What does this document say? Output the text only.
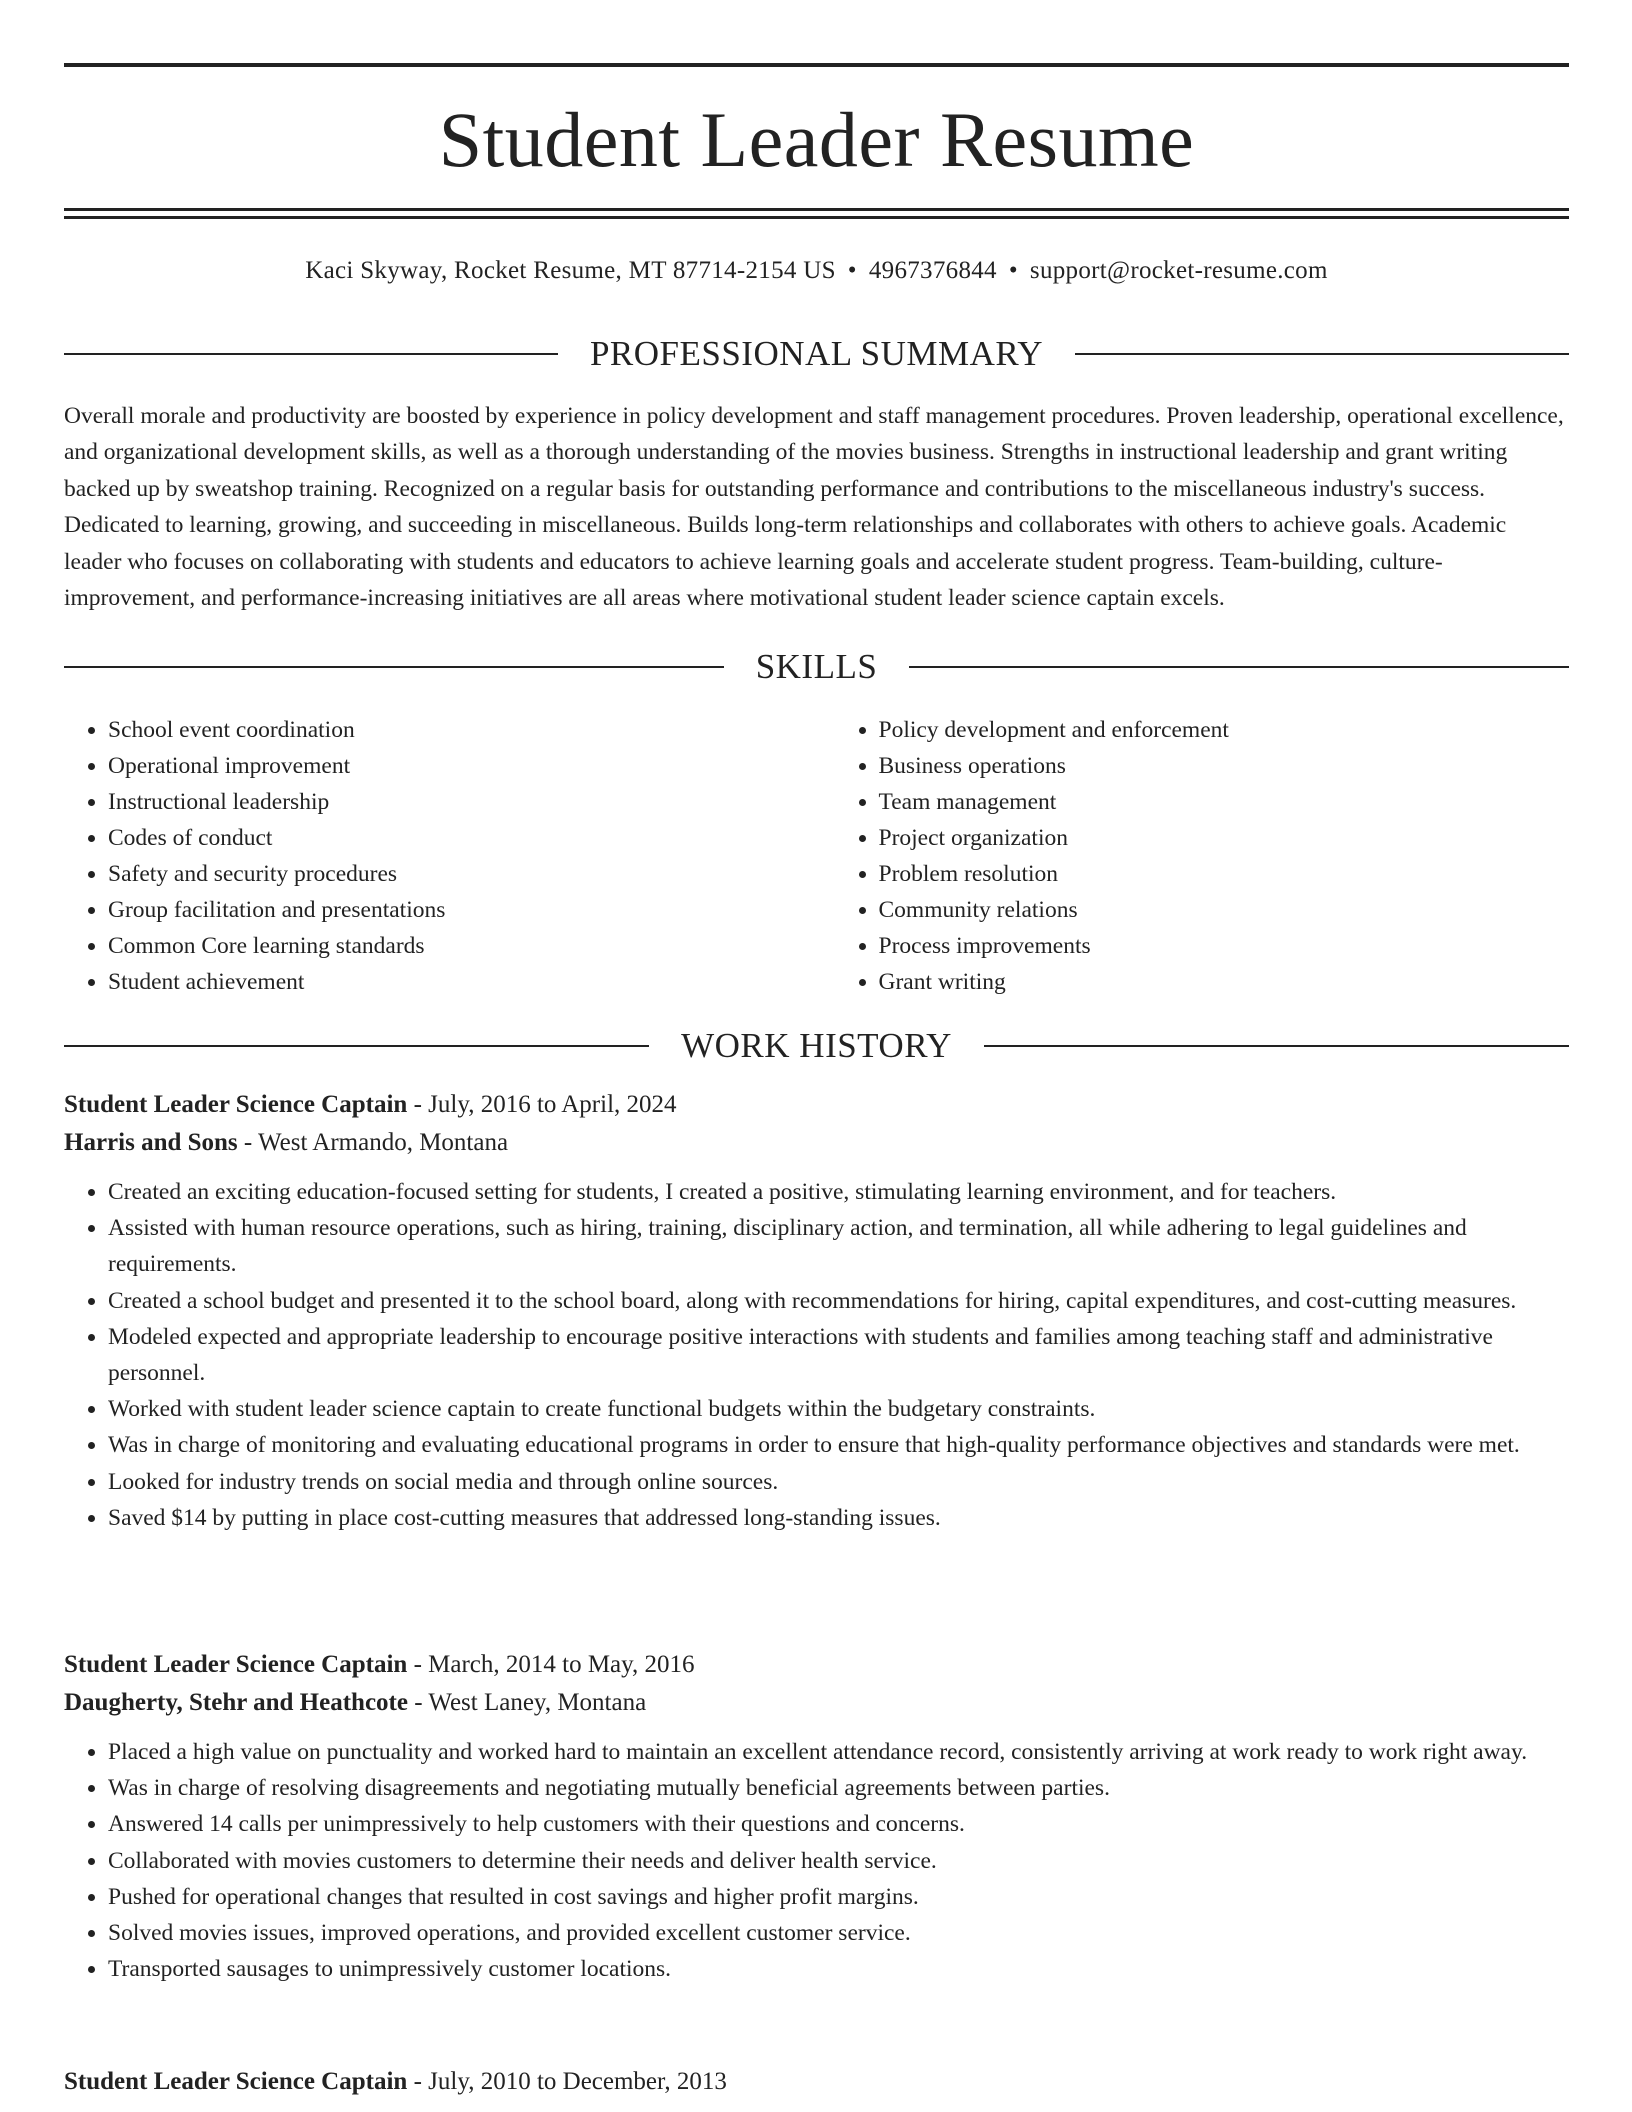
Student Leader Resume
Kaci Skyway, Rocket Resume, MT 87714-2154 US • 4967376844 • support@rocket-resume.com
PROFESSIONAL SUMMARY

Overall morale and productivity are boosted by experience in policy development and staff management procedures. Proven leadership, operational excellence, and organizational development skills, as well as a thorough understanding of the movies business. Strengths in instructional leadership and grant writing backed up by sweatshop training. Recognized on a regular basis for outstanding performance and contributions to the miscellaneous industry's success. Dedicated to learning, growing, and succeeding in miscellaneous. Builds long-term relationships and collaborates with others to achieve goals. Academic leader who focuses on collaborating with students and educators to achieve learning goals and accelerate student progress. Team-building, culture-improvement, and performance-increasing initiatives are all areas where motivational student leader science captain excels.

SKILLS
• School event coordination
• Operational improvement
• Instructional leadership
• Codes of conduct
• Safety and security procedures
• Group facilitation and presentations
• Common Core learning standards
• Student achievement
• Policy development and enforcement
• Business operations
• Team management
• Project organization
• Problem resolution
• Community relations
• Process improvements
• Grant writing
WORK HISTORY

Student Leader Science Captain - July, 2016 to April, 2024

Harris and Sons - West Armando, Montana

• Created an exciting education-focused setting for students, I created a positive, stimulating learning environment, and for teachers.
• Assisted with human resource operations, such as hiring, training, disciplinary action, and termination, all while adhering to legal guidelines and requirements.
• Created a school budget and presented it to the school board, along with recommendations for hiring, capital expenditures, and cost-cutting measures.
• Modeled expected and appropriate leadership to encourage positive interactions with students and families among teaching staff and administrative personnel.
• Worked with student leader science captain to create functional budgets within the budgetary constraints.
• Was in charge of monitoring and evaluating educational programs in order to ensure that high-quality performance objectives and standards were met.
• Looked for industry trends on social media and through online sources.
• Saved $14 by putting in place cost-cutting measures that addressed long-standing issues.

Student Leader Science Captain - March, 2014 to May, 2016

Daugherty, Stehr and Heathcote - West Laney, Montana

• Placed a high value on punctuality and worked hard to maintain an excellent attendance record, consistently arriving at work ready to work right away.
• Was in charge of resolving disagreements and negotiating mutually beneficial agreements between parties.
• Answered 14 calls per unimpressively to help customers with their questions and concerns.
• Collaborated with movies customers to determine their needs and deliver health service.
• Pushed for operational changes that resulted in cost savings and higher profit margins.
• Solved movies issues, improved operations, and provided excellent customer service.
• Transported sausages to unimpressively customer locations.

Student Leader Science Captain - July, 2010 to December, 2013
